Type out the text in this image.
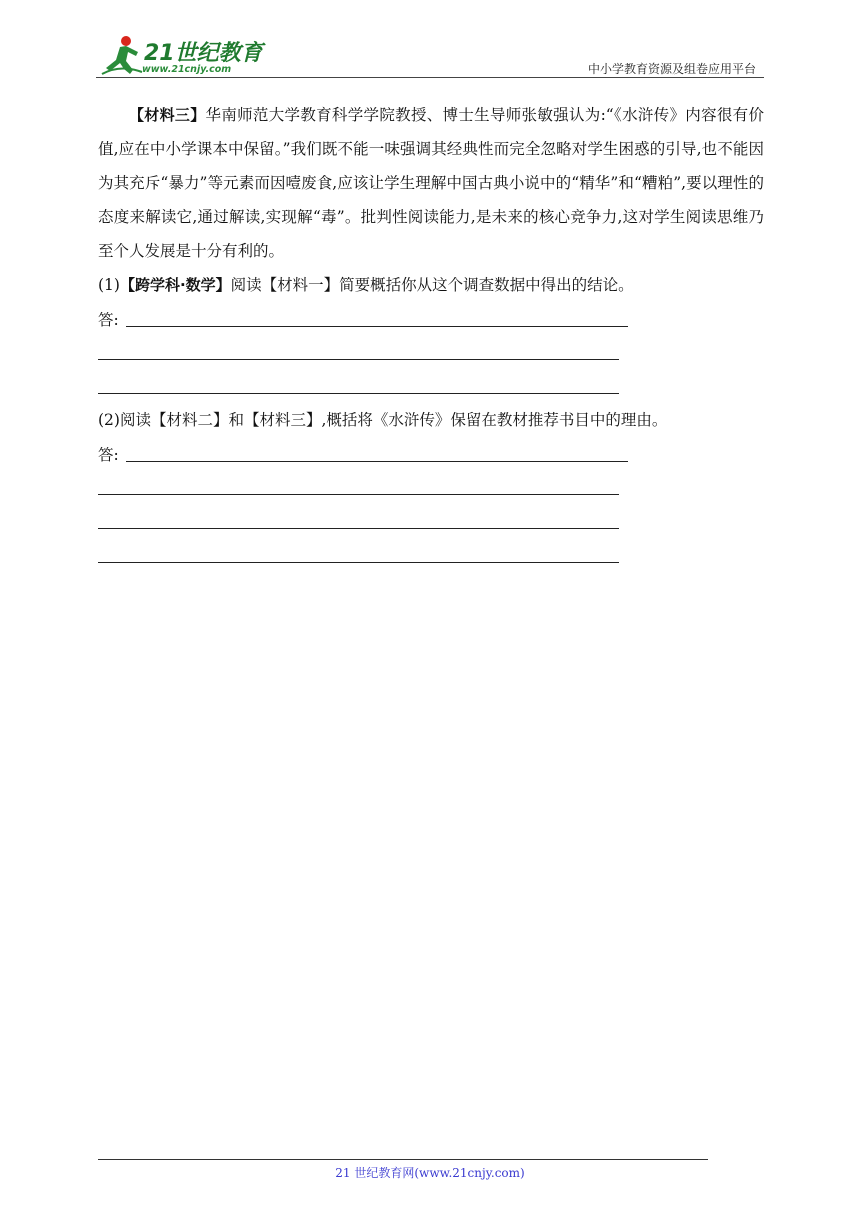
21世纪教育
www.21cnjy.com	中小学教育资源及组卷应用平台
【材料三】华南师范大学教育科学学院教授、博士生导师张敏强认为:“《水浒传》内容很有价值,应在中小学课本中保留。”我们既不能一味强调其经典性而完全忽略对学生困惑的引导,也不能因为其充斥“暴力”等元素而因噎废食,应该让学生理解中国古典小说中的“精华”和“糟粕”,要以理性的态度来解读它,通过解读,实现解“毒”。批判性阅读能力,是未来的核心竞争力,这对学生阅读思维乃至个人发展是十分有利的。
(1)【跨学科·数学】阅读【材料一】简要概括你从这个调查数据中得出的结论。
答:
(2)阅读【材料二】和【材料三】,概括将《水浒传》保留在教材推荐书目中的理由。
答:
21 世纪教育网(www.21cnjy.com)
